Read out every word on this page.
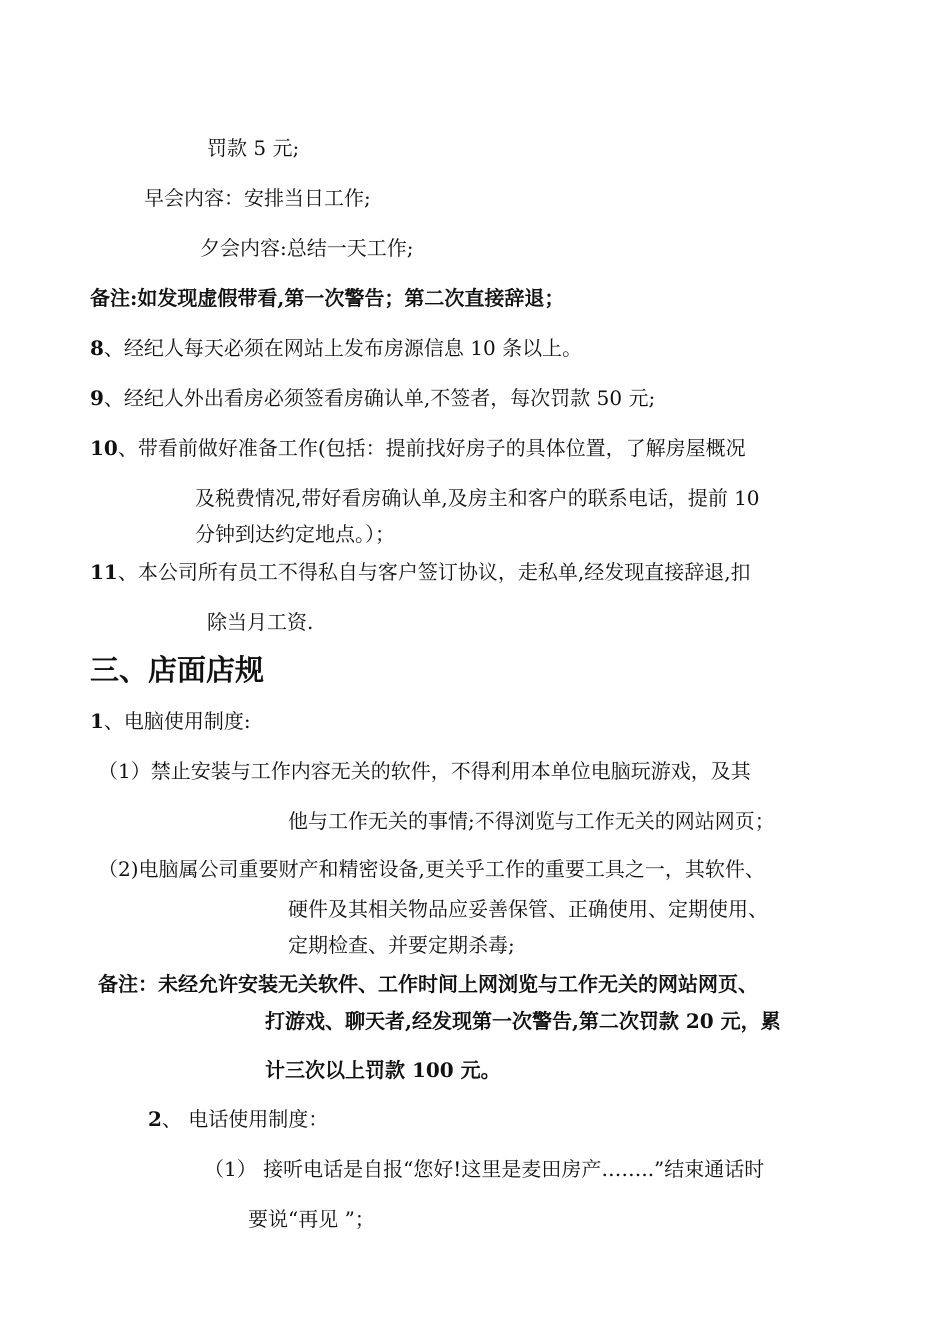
罚款 5 元;
早会内容：安排当日工作;
夕会内容:总结一天工作;
备注:如发现虚假带看,第一次警告；第二次直接辞退；
8、经纪人每天必须在网站上发布房源信息 10 条以上。
9、经纪人外出看房必须签看房确认单,不签者，每次罚款 50 元;
10、带看前做好准备工作(包括：提前找好房子的具体位置，了解房屋概况
及税费情况,带好看房确认单,及房主和客户的联系电话，提前 10
分钟到达约定地点。）；
11、本公司所有员工不得私自与客户签订协议，走私单,经发现直接辞退,扣
除当月工资.
三、店面店规
1、电脑使用制度:
（1）禁止安装与工作内容无关的软件，不得利用本单位电脑玩游戏，及其
他与工作无关的事情;不得浏览与工作无关的网站网页；
（2)电脑属公司重要财产和精密设备,更关乎工作的重要工具之一，其软件、
硬件及其相关物品应妥善保管、正确使用、定期使用、
定期检查、并要定期杀毒;
备注：未经允许安装无关软件、工作时间上网浏览与工作无关的网站网页、
打游戏、聊天者,经发现第一次警告,第二次罚款 20 元，累
计三次以上罚款 100 元。
2、 电话使用制度：
（1） 接听电话是自报“您好!这里是麦田房产……..”结束通话时
要说“再见 ”；
